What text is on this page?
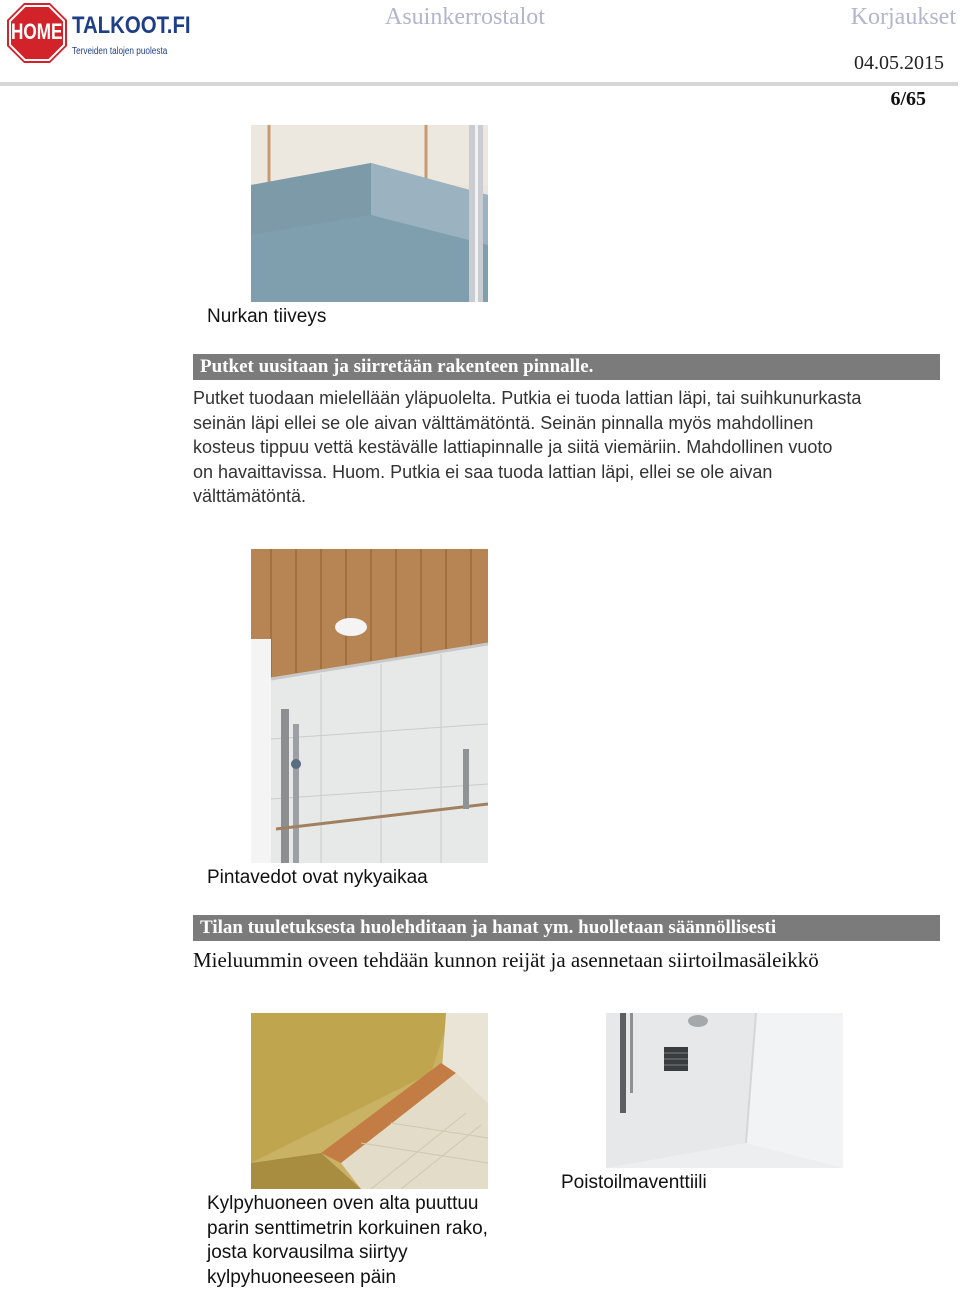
HOME TALKOOT.FI
Terveiden talojen puolesta
Asuinkerrostalot	Korjaukset
04.05.2015
6/65
Nurkan tiiveys
Putket uusitaan ja siirretään rakenteen pinnalle.
Putket tuodaan mielellään yläpuolelta. Putkia ei tuoda lattian läpi, tai suihkunurkasta
seinän läpi ellei se ole aivan välttämätöntä. Seinän pinnalla myös mahdollinen
kosteus tippuu vettä kestävälle lattiapinnalle ja siitä viemäriin. Mahdollinen vuoto
on havaittavissa. Huom. Putkia ei saa tuoda lattian läpi, ellei se ole aivan
välttämätöntä.
Pintavedot ovat nykyaikaa
Tilan tuuletuksesta huolehditaan ja hanat ym. huolletaan säännöllisesti
Mieluummin oveen tehdään kunnon reijät ja asennetaan siirtoilmasäleikkö
Kylpyhuoneen oven alta puuttuu
parin senttimetrin korkuinen rako,
josta korvausilma siirtyy
kylpyhuoneeseen päin
Poistoilmaventtiili
